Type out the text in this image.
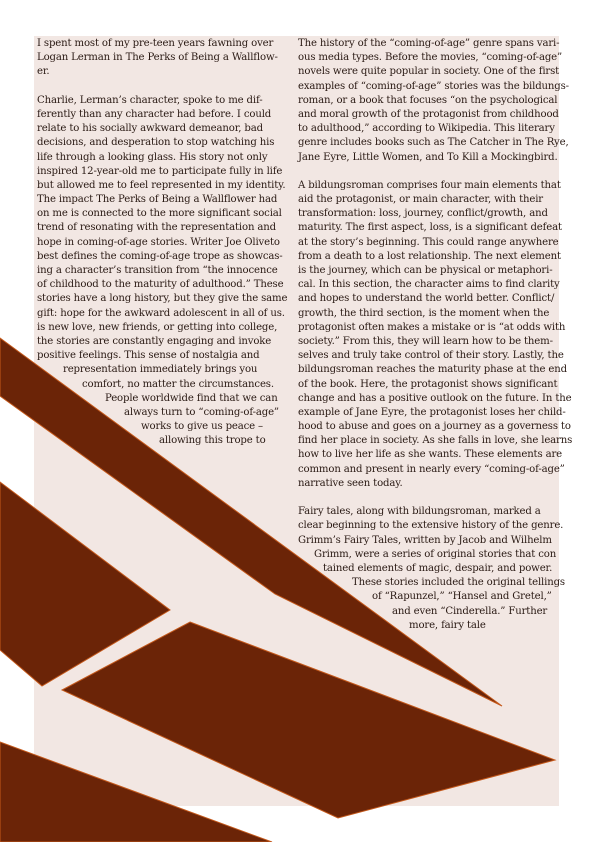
I spent most of my pre-teen years fawning over
Logan Lerman in The Perks of Being a Wallflow-
er.
Charlie, Lerman’s character, spoke to me dif-
ferently than any character had before. I could
relate to his socially awkward demeanor, bad
decisions, and desperation to stop watching his
life through a looking glass. His story not only
inspired 12-year-old me to participate fully in life
but allowed me to feel represented in my identity.
The impact The Perks of Being a Wallflower had
on me is connected to the more significant social
trend of resonating with the representation and
hope in coming-of-age stories. Writer Joe Oliveto
best defines the coming-of-age trope as showcas-
ing a character’s transition from “the innocence
of childhood to the maturity of adulthood.” These
stories have a long history, but they give the same
gift: hope for the awkward adolescent in all of us.
is new love, new friends, or getting into college,
the stories are constantly engaging and invoke
positive feelings. This sense of nostalgia and
representation immediately brings you
comfort, no matter the circumstances.
People worldwide find that we can
always turn to “coming-of-age”
works to give us peace –
allowing this trope to
The history of the “coming-of-age” genre spans vari-
ous media types. Before the movies, “coming-of-age”
novels were quite popular in society. One of the first
examples of “coming-of-age” stories was the bildungs-
roman, or a book that focuses “on the psychological
and moral growth of the protagonist from childhood
to adulthood,” according to Wikipedia. This literary
genre includes books such as The Catcher in The Rye,
Jane Eyre, Little Women, and To Kill a Mockingbird.
A bildungsroman comprises four main elements that
aid the protagonist, or main character, with their
transformation: loss, journey, conflict/growth, and
maturity. The first aspect, loss, is a significant defeat
at the story’s beginning. This could range anywhere
from a death to a lost relationship. The next element
is the journey, which can be physical or metaphori-
cal. In this section, the character aims to find clarity
and hopes to understand the world better. Conflict/
growth, the third section, is the moment when the
protagonist often makes a mistake or is “at odds with
society.” From this, they will learn how to be them-
selves and truly take control of their story. Lastly, the
bildungsroman reaches the maturity phase at the end
of the book. Here, the protagonist shows significant
change and has a positive outlook on the future. In the
example of Jane Eyre, the protagonist loses her child-
hood to abuse and goes on a journey as a governess to
find her place in society. As she falls in love, she learns
how to live her life as she wants. These elements are
common and present in nearly every “coming-of-age”
narrative seen today.
Fairy tales, along with bildungsroman, marked a
clear beginning to the extensive history of the genre.
Grimm’s Fairy Tales, written by Jacob and Wilhelm
Grimm, were a series of original stories that con
tained elements of magic, despair, and power.
These stories included the original tellings
of “Rapunzel,” “Hansel and Gretel,”
and even “Cinderella.” Further
more, fairy tale
